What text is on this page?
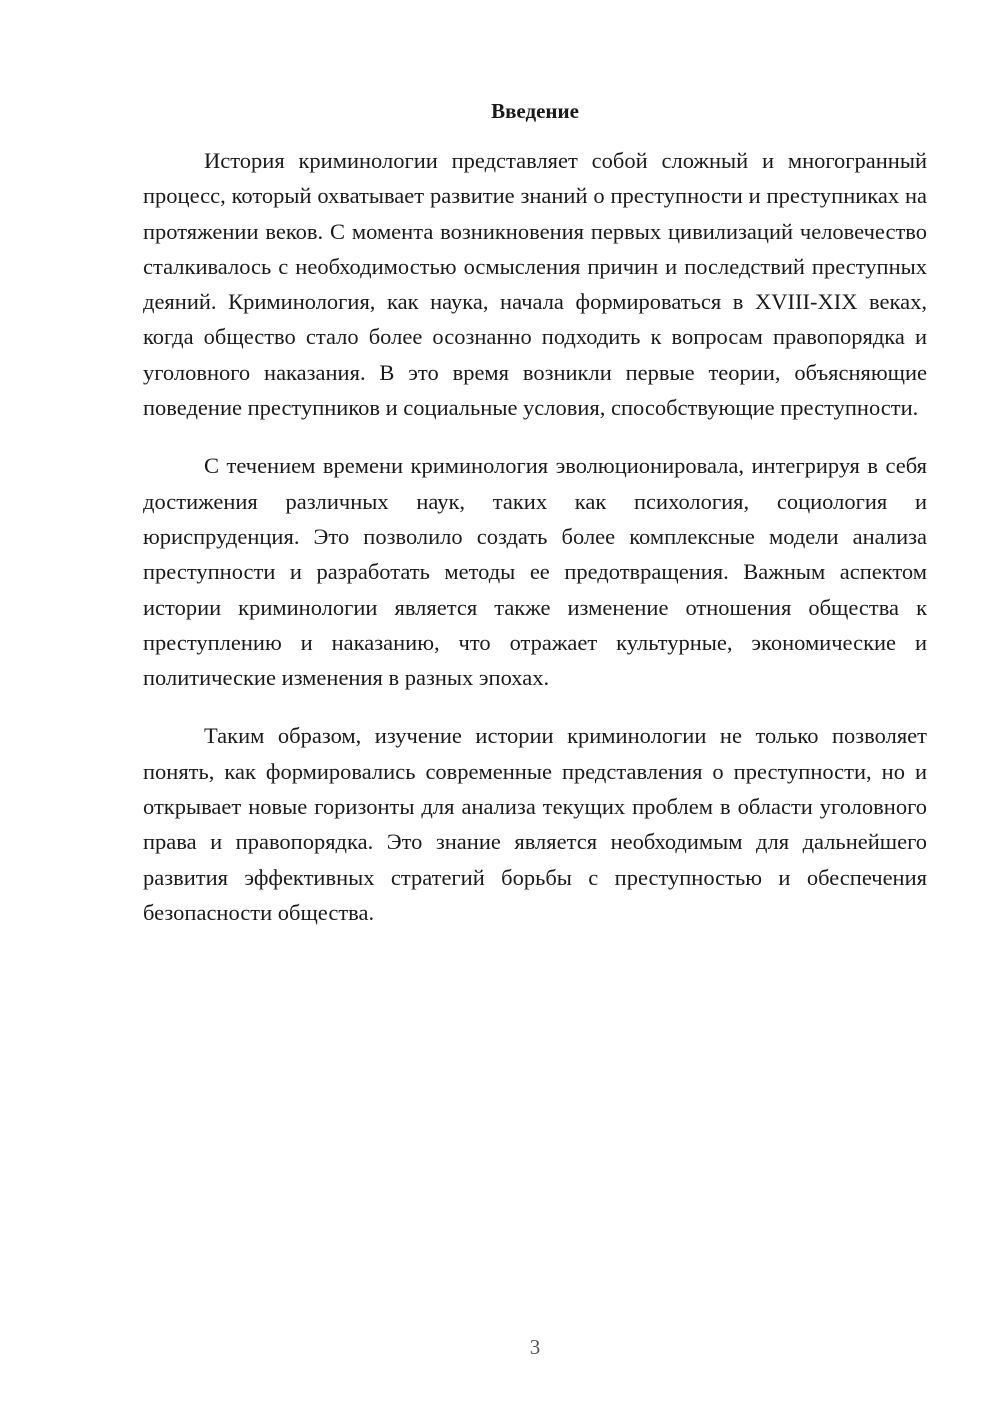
Введение

История криминологии представляет собой сложный и многогранный процесс, который охватывает развитие знаний о преступности и преступниках на протяжении веков. С момента возникновения первых цивилизаций человечество сталкивалось с необходимостью осмысления причин и последствий преступных деяний. Криминология, как наука, начала формироваться в XVIII-XIX веках, когда общество стало более осознанно подходить к вопросам правопорядка и уголовного наказания. В это время возникли первые теории, объясняющие поведение преступников и социальные условия, способствующие преступности.

С течением времени криминология эволюционировала, интегрируя в себя достижения различных наук, таких как психология, социология и юриспруденция. Это позволило создать более комплексные модели анализа преступности и разработать методы ее предотвращения. Важным аспектом истории криминологии является также изменение отношения общества к преступлению и наказанию, что отражает культурные, экономические и политические изменения в разных эпохах.

Таким образом, изучение истории криминологии не только позволяет понять, как формировались современные представления о преступности, но и открывает новые горизонты для анализа текущих проблем в области уголовного права и правопорядка. Это знание является необходимым для дальнейшего развития эффективных стратегий борьбы с преступностью и обеспечения безопасности общества.

3
